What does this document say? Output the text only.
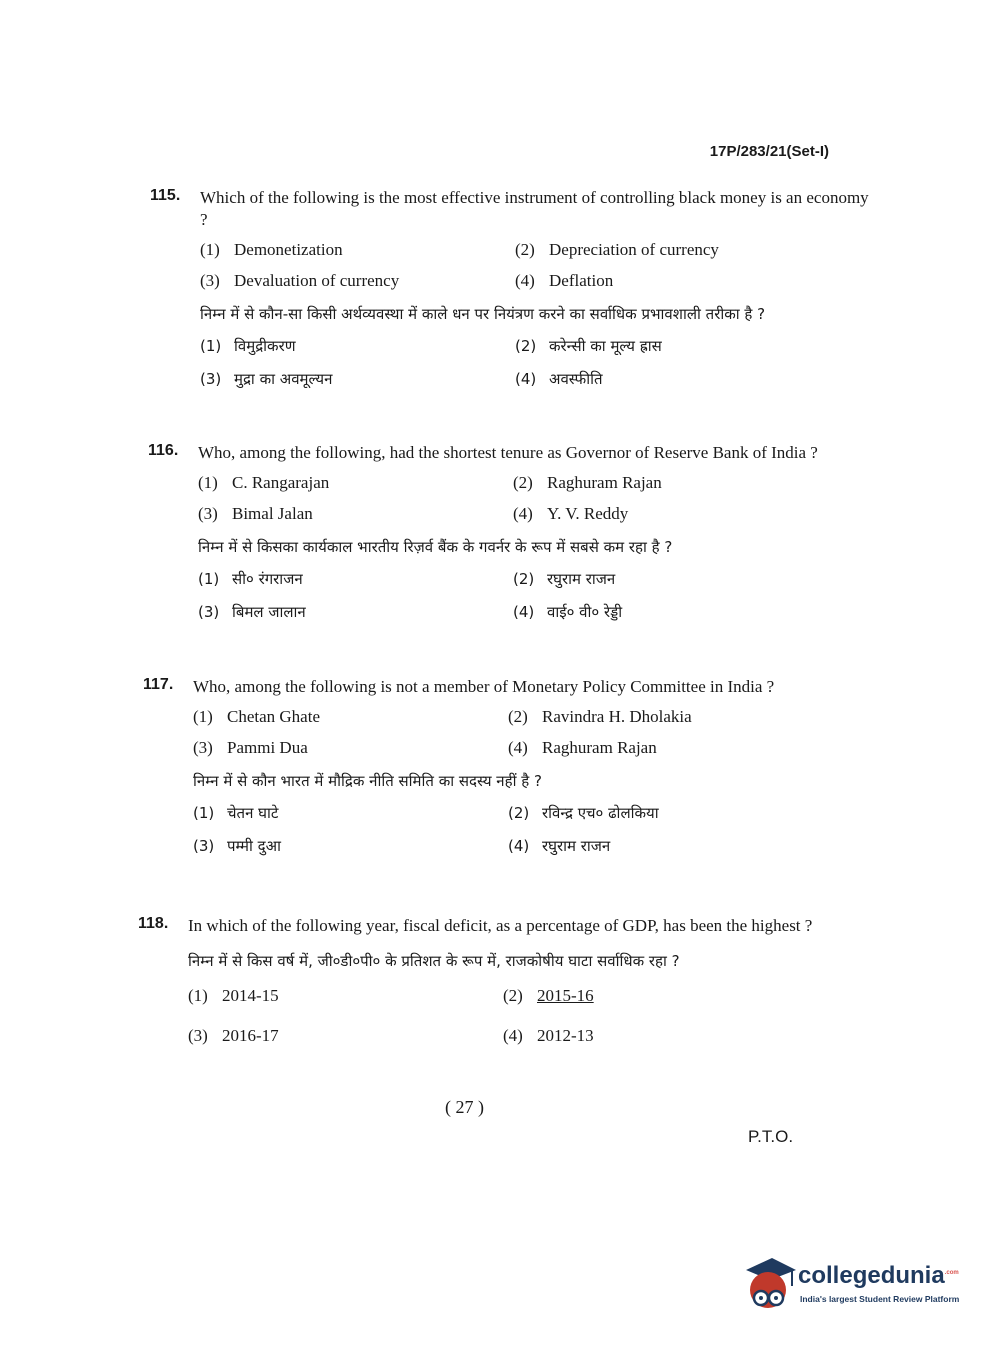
17P/283/21(Set-I)
115. Which of the following is the most effective instrument of controlling black money is an economy ?

(1) Demonetization	(2) Depreciation of currency
(3) Devaluation of currency	(4) Deflation

निम्न में से कौन-सा किसी अर्थव्यवस्था में काले धन पर नियंत्रण करने का सर्वाधिक प्रभावशाली तरीका है ?

(1) विमुद्रीकरण	(2) करेन्सी का मूल्य ह्रास
(3) मुद्रा का अवमूल्यन	(4) अवस्फीति
116. Who, among the following, had the shortest tenure as Governor of Reserve Bank of India ?

(1) C. Rangarajan	(2) Raghuram Rajan
(3) Bimal Jalan	(4) Y. V. Reddy

निम्न में से किसका कार्यकाल भारतीय रिज़र्व बैंक के गवर्नर के रूप में सबसे कम रहा है ?

(1) सी० रंगराजन	(2) रघुराम राजन
(3) बिमल जालान	(4) वाई० वी० रेड्डी
117. Who, among the following is not a member of Monetary Policy Committee in India ?

(1) Chetan Ghate	(2) Ravindra H. Dholakia
(3) Pammi Dua	(4) Raghuram Rajan

निम्न में से कौन भारत में मौद्रिक नीति समिति का सदस्य नहीं है ?

(1) चेतन घाटे	(2) रविन्द्र एच० ढोलकिया
(3) पम्मी दुआ	(4) रघुराम राजन
118. In which of the following year, fiscal deficit, as a percentage of GDP, has been the highest ?

निम्न में से किस वर्ष में, जी०डी०पी० के प्रतिशत के रूप में, राजकोषीय घाटा सर्वाधिक रहा ?

(1) 2014-15	(2) 2015-16
(3) 2016-17	(4) 2012-13
( 27 )
P.T.O.
collegedunia$^{.com}$
India's largest Student Review Platform
